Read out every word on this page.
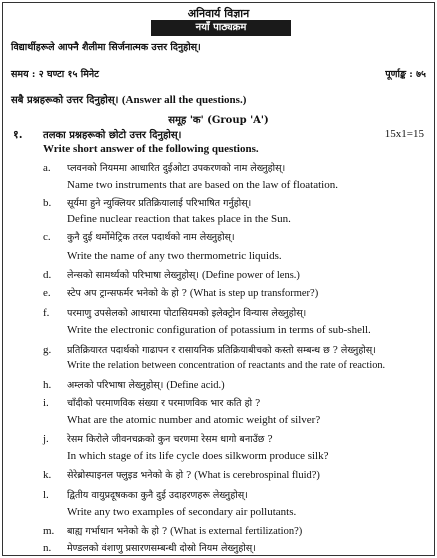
अनिवार्य विज्ञान
नयाँ पाठ्यक्रम
विद्यार्थीहरूले आफ्नै शैलीमा सिर्जनात्मक उत्तर दिनुहोस्।
समय : २ घण्टा १५ मिनेट	पूर्णाङ्क : ७५
सबै प्रश्नहरूको उत्तर दिनुहोस्। (Answer all the questions.)
समूह 'क' (Group 'A')
१. तलका प्रश्नहरूको छोटो उत्तर दिनुहोस्।	15x1=15
Write short answer of the following questions.
a. प्लवनको नियममा आधारित दुईओटा उपकरणको नाम लेख्नुहोस्।
Name two instruments that are based on the law of floatation.
b. सूर्यमा हुने न्युक्लियर प्रतिक्रियालाई परिभाषित गर्नुहोस्।
Define nuclear reaction that takes place in the Sun.
c. कुनै दुई थर्मोमेट्रिक तरल पदार्थको नाम लेख्नुहोस्।
Write the name of any two thermometric liquids.
d. लेन्सको सामर्थ्यको परिभाषा लेख्नुहोस्। (Define power of lens.)
e. स्टेप अप ट्रान्सफर्मर भनेको के हो ? (What is step up transformer?)
f. परमाणु उपसेलको आधारमा पोटासियमको इलेक्ट्रोन विन्यास लेख्नुहोस्।
Write the electronic configuration of potassium in terms of sub-shell.
g. प्रतिक्रियारत पदार्थको गाढापन र रासायनिक प्रतिक्रियाबीचको कस्तो सम्बन्ध छ ? लेख्नुहोस्।
Write the relation between concentration of reactants and the rate of reaction.
h. अम्लको परिभाषा लेख्नुहोस्। (Define acid.)
i. चाँदीको परमाणविक संख्या र परमाणविक भार कति हो ?
What are the atomic number and atomic weight of silver?
j. रेसम किरोले जीवनचक्रको कुन चरणमा रेसम धागो बनाउँछ ?
In which stage of its life cycle does silkworm produce silk?
k. सेरेब्रोस्पाइनल फ्लुइड भनेको के हो ? (What is cerebrospinal fluid?)
l. द्वितीय वायुप्रदूषकका कुनै दुई उदाहरणहरू लेख्नुहोस्।
Write any two examples of secondary air pollutants.
m. बाह्य गर्भाधान भनेको के हो ? (What is external fertilization?)
n. मेण्डलको वंशाणु प्रसारणसम्बन्धी दोस्रो नियम लेख्नुहोस्।
